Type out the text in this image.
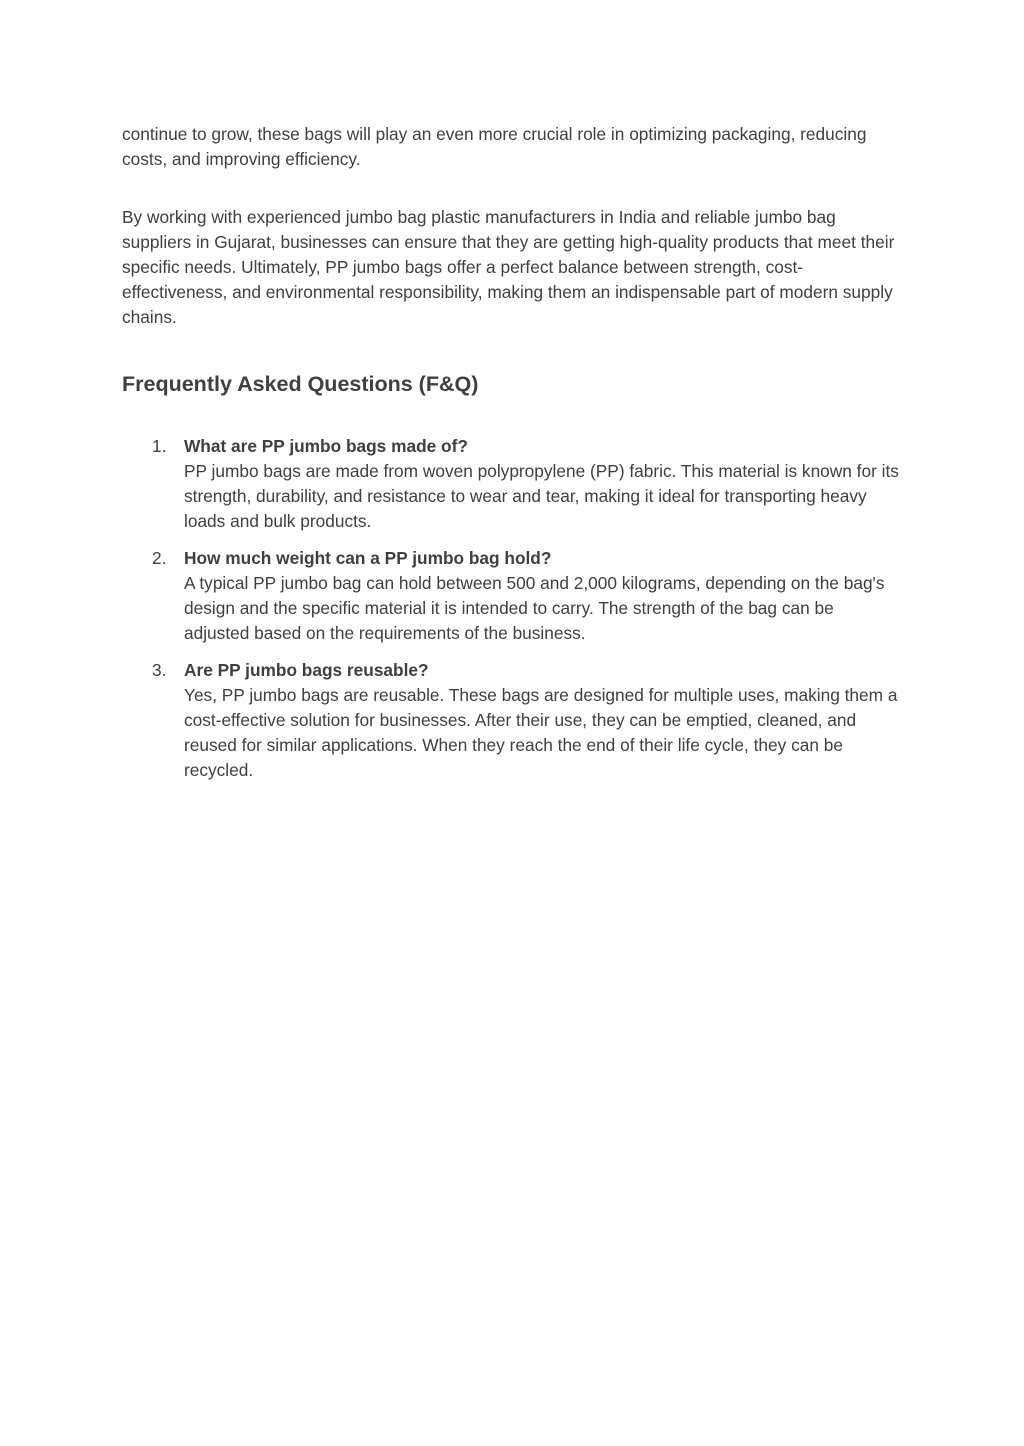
continue to grow, these bags will play an even more crucial role in optimizing packaging, reducing costs, and improving efficiency.

By working with experienced jumbo bag plastic manufacturers in India and reliable jumbo bag suppliers in Gujarat, businesses can ensure that they are getting high-quality products that meet their specific needs. Ultimately, PP jumbo bags offer a perfect balance between strength, cost-effectiveness, and environmental responsibility, making them an indispensable part of modern supply chains.

Frequently Asked Questions (F&Q)
1.	What are PP jumbo bags made of?
PP jumbo bags are made from woven polypropylene (PP) fabric. This material is known for its strength, durability, and resistance to wear and tear, making it ideal for transporting heavy loads and bulk products.
2.	How much weight can a PP jumbo bag hold?
A typical PP jumbo bag can hold between 500 and 2,000 kilograms, depending on the bag's design and the specific material it is intended to carry. The strength of the bag can be adjusted based on the requirements of the business.
3.	Are PP jumbo bags reusable?
Yes, PP jumbo bags are reusable. These bags are designed for multiple uses, making them a cost-effective solution for businesses. After their use, they can be emptied, cleaned, and reused for similar applications. When they reach the end of their life cycle, they can be recycled.
